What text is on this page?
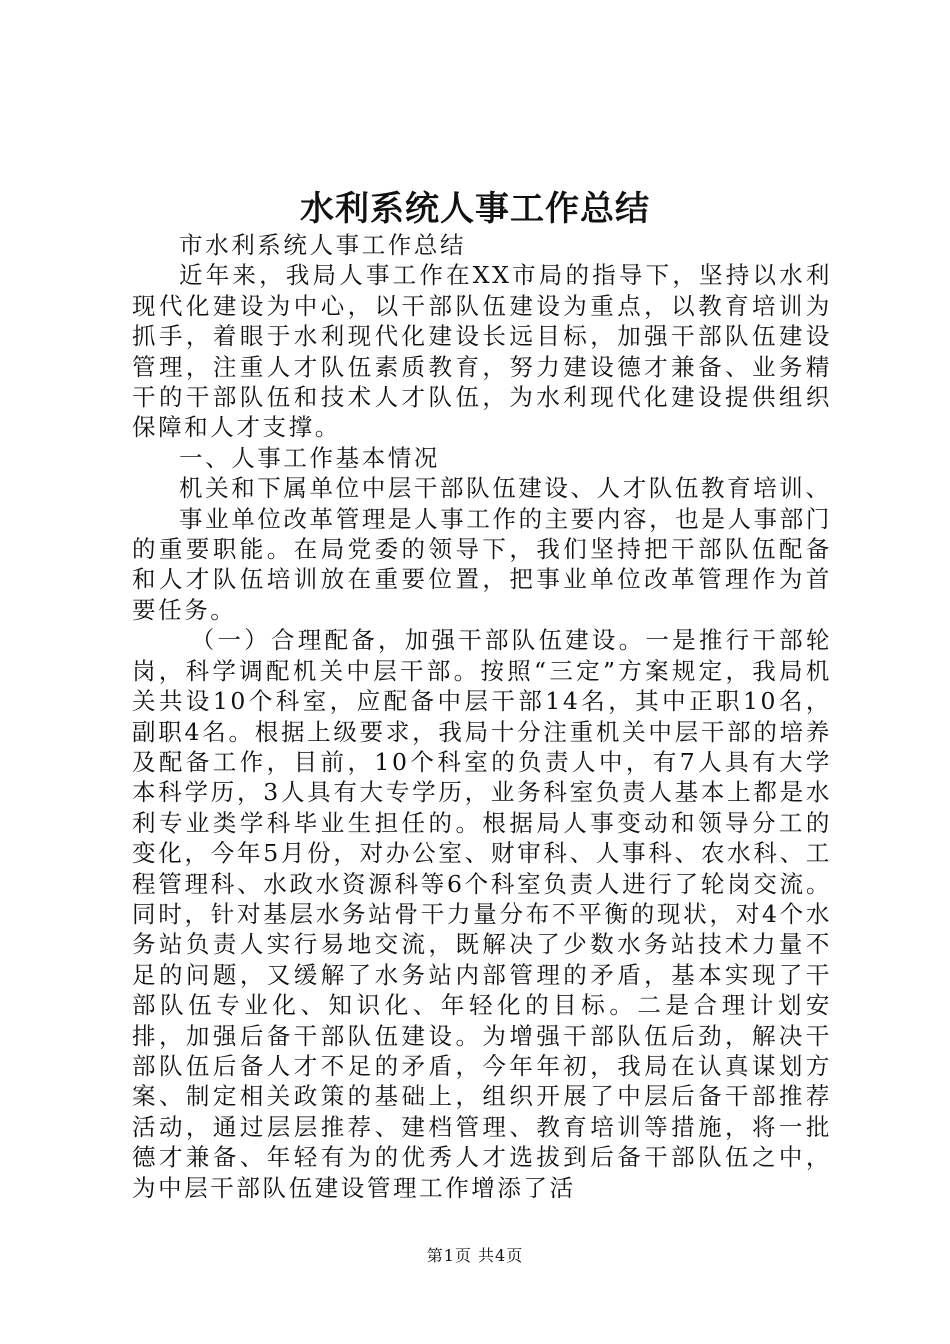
水利系统人事工作总结

市水利系统人事工作总结

近年来，我局人事工作在XX市局的指导下，坚持以水利现代化建设为中心，以干部队伍建设为重点，以教育培训为抓手，着眼于水利现代化建设长远目标，加强干部队伍建设管理，注重人才队伍素质教育，努力建设德才兼备、业务精干的干部队伍和技术人才队伍，为水利现代化建设提供组织保障和人才支撑。

一、人事工作基本情况

机关和下属单位中层干部队伍建设、人才队伍教育培训、

事业单位改革管理是人事工作的主要内容，也是人事部门的重要职能。在局党委的领导下，我们坚持把干部队伍配备和人才队伍培训放在重要位置，把事业单位改革管理作为首要任务。

（一）合理配备，加强干部队伍建设。一是推行干部轮岗，科学调配机关中层干部。按照“三定”方案规定，我局机关共设10个科室，应配备中层干部14名，其中正职10名，副职4名。根据上级要求，我局十分注重机关中层干部的培养及配备工作，目前，10个科室的负责人中，有7人具有大学本科学历，3人具有大专学历，业务科室负责人基本上都是水利专业类学科毕业生担任的。根据局人事变动和领导分工的变化，今年5月份，对办公室、财审科、人事科、农水科、工程管理科、水政水资源科等6个科室负责人进行了轮岗交流。同时，针对基层水务站骨干力量分布不平衡的现状，对4个水务站负责人实行易地交流，既解决了少数水务站技术力量不足的问题，又缓解了水务站内部管理的矛盾，基本实现了干部队伍专业化、知识化、年轻化的目标。二是合理计划安排，加强后备干部队伍建设。为增强干部队伍后劲，解决干部队伍后备人才不足的矛盾，今年年初，我局在认真谋划方案、制定相关政策的基础上，组织开展了中层后备干部推荐活动，通过层层推荐、建档管理、教育培训等措施，将一批德才兼备、年轻有为的优秀人才选拔到后备干部队伍之中，为中层干部队伍建设管理工作增添了活

第1页 共4页
